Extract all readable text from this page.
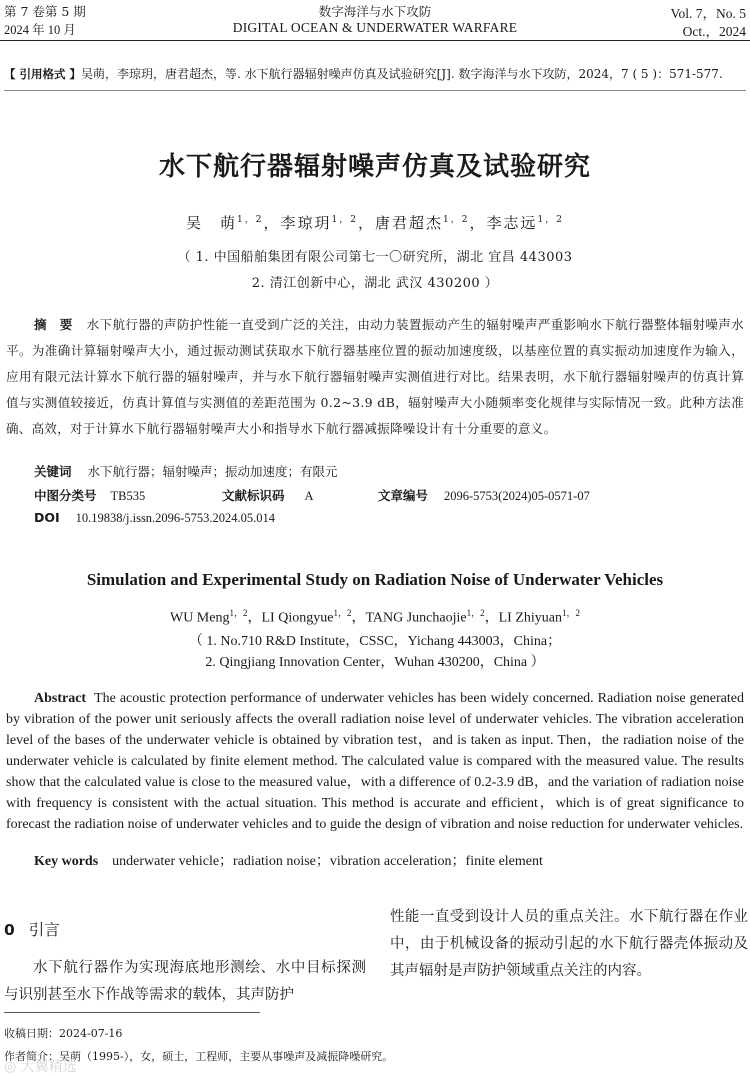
第 7 卷第 5 期
2024 年 10 月
数字海洋与水下攻防
DIGITAL OCEAN & UNDERWATER WARFARE
Vol. 7，No. 5
Oct.，2024
【 引用格式 】吴萌，李琼玥，唐君超杰，等. 水下航行器辐射噪声仿真及试验研究[J]. 数字海洋与水下攻防，2024，7 ( 5 )：571-577.
水下航行器辐射噪声仿真及试验研究
吴　萌$^{1,2}$，李琼玥$^{1,2}$，唐君超杰$^{1,2}$，李志远$^{1,2}$
（ 1. 中国船舶集团有限公司第七一〇研究所，湖北 宜昌 443003
2. 清江创新中心，湖北 武汉 430200 ）
摘　要 水下航行器的声防护性能一直受到广泛的关注，由动力装置振动产生的辐射噪声严重影响水下航行器整体辐射噪声水平。为准确计算辐射噪声大小，通过振动测试获取水下航行器基座位置的振动加速度级，以基座位置的真实振动加速度作为输入，应用有限元法计算水下航行器的辐射噪声，并与水下航行器辐射噪声实测值进行对比。结果表明，水下航行器辐射噪声的仿真计算值与实测值较接近，仿真计算值与实测值的差距范围为 0.2~3.9 dB，辐射噪声大小随频率变化规律与实际情况一致。此种方法准确、高效，对于计算水下航行器辐射噪声大小和指导水下航行器减振降噪设计有十分重要的意义。
关键词 水下航行器；辐射噪声；振动加速度；有限元
中图分类号 TB535	文献标识码 A	文章编号 2096-5753(2024)05-0571-07
DOI 10.19838/j.issn.2096-5753.2024.05.014
Simulation and Experimental Study on Radiation Noise of Underwater Vehicles
WU Meng$^{1,2}$，LI Qiongyue$^{1,2}$，TANG Junchaojie$^{1,2}$，LI Zhiyuan$^{1,2}$
（ 1. No.710 R&D Institute，CSSC，Yichang 443003，China；
2. Qingjiang Innovation Center，Wuhan 430200，China ）
Abstract The acoustic protection performance of underwater vehicles has been widely concerned. Radiation noise generated by vibration of the power unit seriously affects the overall radiation noise level of underwater vehicles. The vibration acceleration level of the bases of the underwater vehicle is obtained by vibration test，and is taken as input. Then，the radiation noise of the underwater vehicle is calculated by finite element method. The calculated value is compared with the measured value. The results show that the calculated value is close to the measured value，with a difference of 0.2-3.9 dB，and the variation of radiation noise with frequency is consistent with the actual situation. This method is accurate and efficient，which is of great significance to forecast the radiation noise of underwater vehicles and to guide the design of vibration and noise reduction for underwater vehicles.
Key words underwater vehicle；radiation noise；vibration acceleration；finite element
0 引言
水下航行器作为实现海底地形测绘、水中目标探测与识别甚至水下作战等需求的载体，其声防护
性能一直受到设计人员的重点关注。水下航行器在作业中，由于机械设备的振动引起的水下航行器壳体振动及其声辐射是声防护领域重点关注的内容。
收稿日期：2024-07-16
作者简介：吴萌（1995-），女，硕士，工程师，主要从事噪声及减振降噪研究。
◎ 大翼精选
